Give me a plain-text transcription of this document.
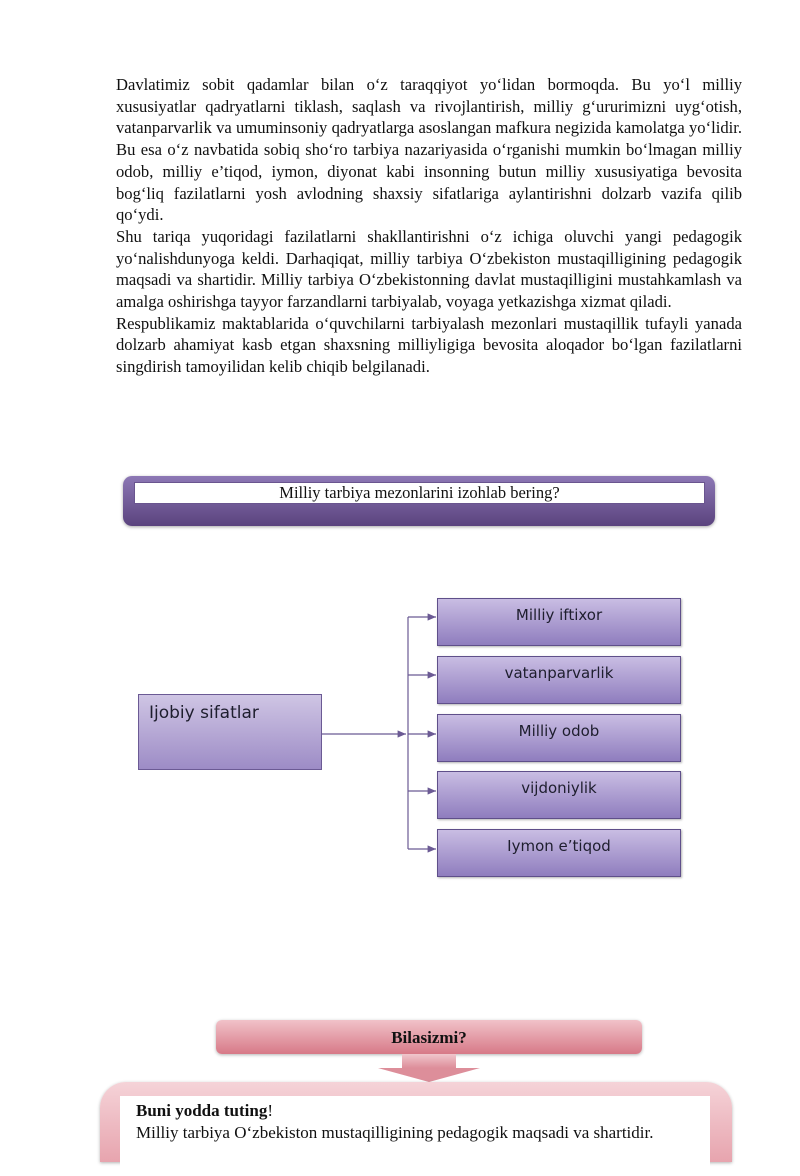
Davlatimiz sobit qadamlar bilan o‘z taraqqiyot yo‘lidan bormoqda. Bu yo‘l milliy xususiyatlar qadryatlarni tiklash, saqlash va rivojlantirish, milliy g‘ururimizni uyg‘otish, vatanparvarlik va umuminsoniy qadryatlarga asoslangan mafkura negizida kamolatga yo‘lidir. Bu esa o‘z navbatida sobiq sho‘ro tarbiya nazariyasida o‘rganishi mumkin bo‘lmagan milliy odob, milliy e’tiqod, iymon, diyonat kabi insonning butun milliy xususiyatiga bevosita bog‘liq fazilatlarni yosh avlodning shaxsiy sifatlariga aylantirishni dolzarb vazifa qilib qo‘ydi.

Shu tariqa yuqoridagi fazilatlarni shakllantirishni o‘z ichiga oluvchi yangi pedagogik yo‘nalishdunyoga keldi. Darhaqiqat, milliy tarbiya O‘zbekiston mustaqilligining pedagogik maqsadi va shartidir. Milliy tarbiya O‘zbekistonning davlat mustaqilligini mustahkamlash va amalga oshirishga tayyor farzandlarni tarbiyalab, voyaga yetkazishga xizmat qiladi.

Respublikamiz maktablarida o‘quvchilarni tarbiyalash mezonlari mustaqillik tufayli yanada dolzarb ahamiyat kasb etgan shaxsning milliyligiga bevosita aloqador bo‘lgan fazilatlarni singdirish tamoyilidan kelib chiqib belgilanadi.

Milliy tarbiya mezonlarini izohlab bering?
Ijobiy sifatlar
Milliy iftixor
vatanparvarlik
Milliy odob
vijdoniylik
Iymon e’tiqod
Bilasizmi?
Buni yodda tuting!
Milliy tarbiya O‘zbekiston mustaqilligining pedagogik maqsadi va shartidir.
